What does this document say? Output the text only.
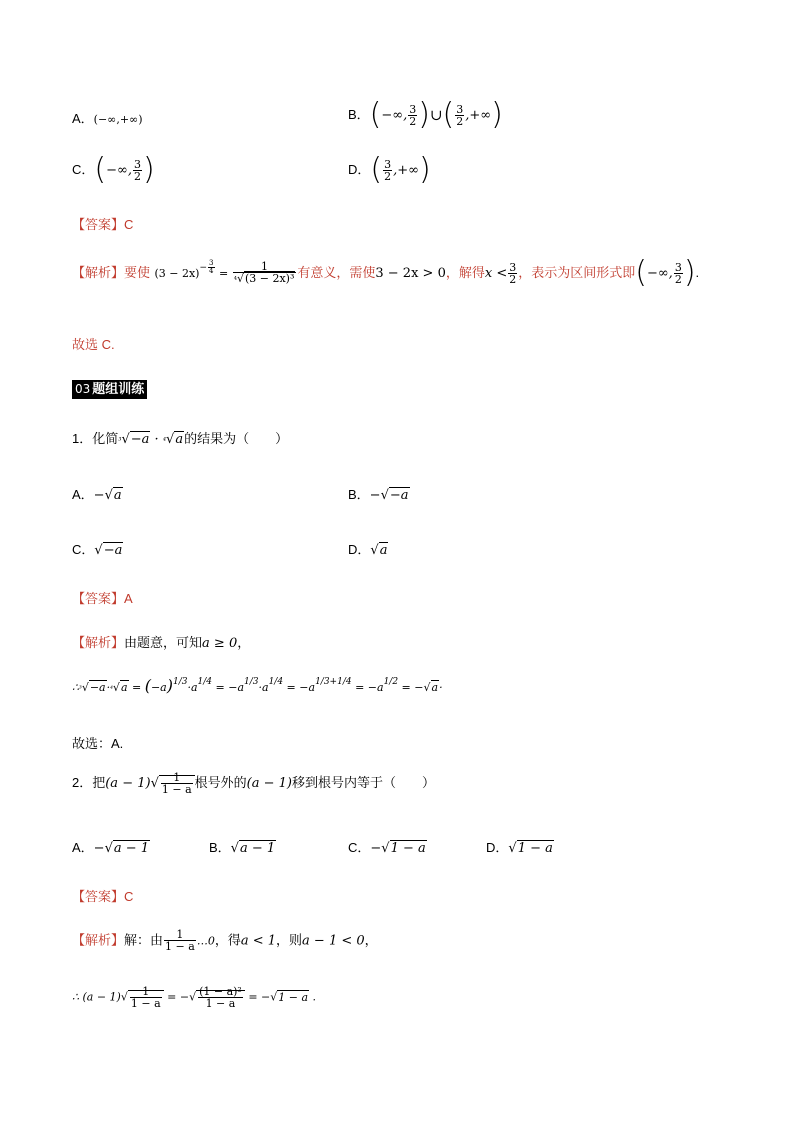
A．(−∞,+∞)	B．(−∞, $\frac{3}{2}$ )∪( $\frac{3}{2}$ ,+∞)
C．(−∞, $\frac{3}{2}$ )	D．( $\frac{3}{2}$ ,+∞)
【答案】C
【解析】要使 $(3 - 2x)^{- \frac{3}{4}} = \frac{1}{\text{⁴√(3 − 2x)³}}$ 有意义，需使3 − 2x > 0，解得$x < \frac{3}{2}$ ，表示为区间形式即(−∞, $\frac{3}{2}$ ).
故选 C.
03 题组训练
1．化简³√−a · ⁴√a的结果为（　　）
A．−√a	B．−√−a
C．√−a	D．√a
【答案】A
【解析】由题意，可知a ≥ 0，
∴³√−a·⁴√a = $(-a)^{1/3}\cdot a^{1/4} = -a^{1/3}\cdot a^{1/4} = -a^{1/3+1/4} = -a^{1/2} = -√a\cdot$
故选：A.
2．把$(a - 1)√ \frac{1}{1 - a}$ 根号外的(a − 1)移到根号内等于（　　）
A．−√a − 1	B．√a − 1	C．−√1 − a	D．√1 − a
【答案】C
【解析】解：由 $\frac{1}{1 - a}$ …0，得a < 1，则a − 1 < 0，
∴ $(a - 1)√ \frac{1}{1 - a}$ = −√ $\frac{\text{(1 − a)²}}{1 - a} = -√1 - a$ .
